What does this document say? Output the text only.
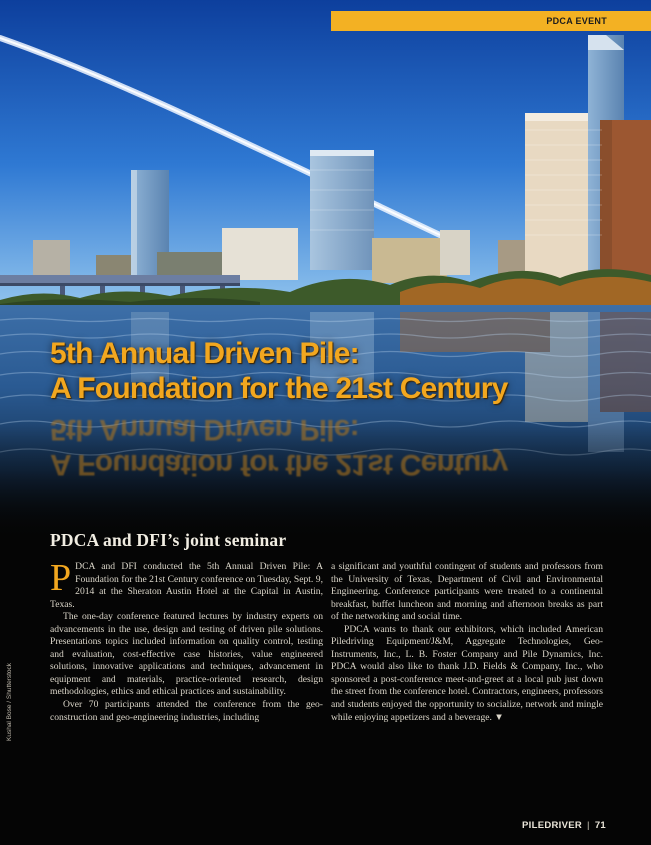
PDCA EVENT
A Foundation for the 21st Century
5th Annual Driven Pile:
5th Annual Driven Pile:
A Foundation for the 21st Century
PDCA and DFI’s joint seminar

PDCA and DFI conducted the 5th Annual Driven Pile: A Foundation for the 21st Century conference on Tuesday, Sept. 9, 2014 at the Sheraton Austin Hotel at the Capital in Austin, Texas.

The one-day conference featured lectures by industry experts on advancements in the use, design and testing of driven pile solutions. Presentations topics included information on quality control, testing and evaluation, cost-effective case histories, value engineered solutions, innovative applications and techniques, advancement in equipment and materials, practice-oriented research, design methodologies, ethics and ethical practices and sustainability.

Over 70 participants attended the conference from the geo-construction and geo-engineering industries, including

a significant and youthful contingent of students and professors from the University of Texas, Department of Civil and Environmental Engineering. Conference participants were treated to a continental breakfast, buffet luncheon and morning and afternoon breaks as part of the networking and social time.

PDCA wants to thank our exhibitors, which included American Piledriving Equipment/J&M, Aggregate Technologies, Geo-Instruments, Inc., L. B. Foster Company and Pile Dynamics, Inc. PDCA would also like to thank J.D. Fields & Company, Inc., who sponsored a post-conference meet-and-greet at a local pub just down the street from the conference hotel. Contractors, engineers, professors and students enjoyed the opportunity to socialize, network and mingle while enjoying appetizers and a beverage. ▼

Kushal Bose / Shutterstock
PILEDRIVER | 71
